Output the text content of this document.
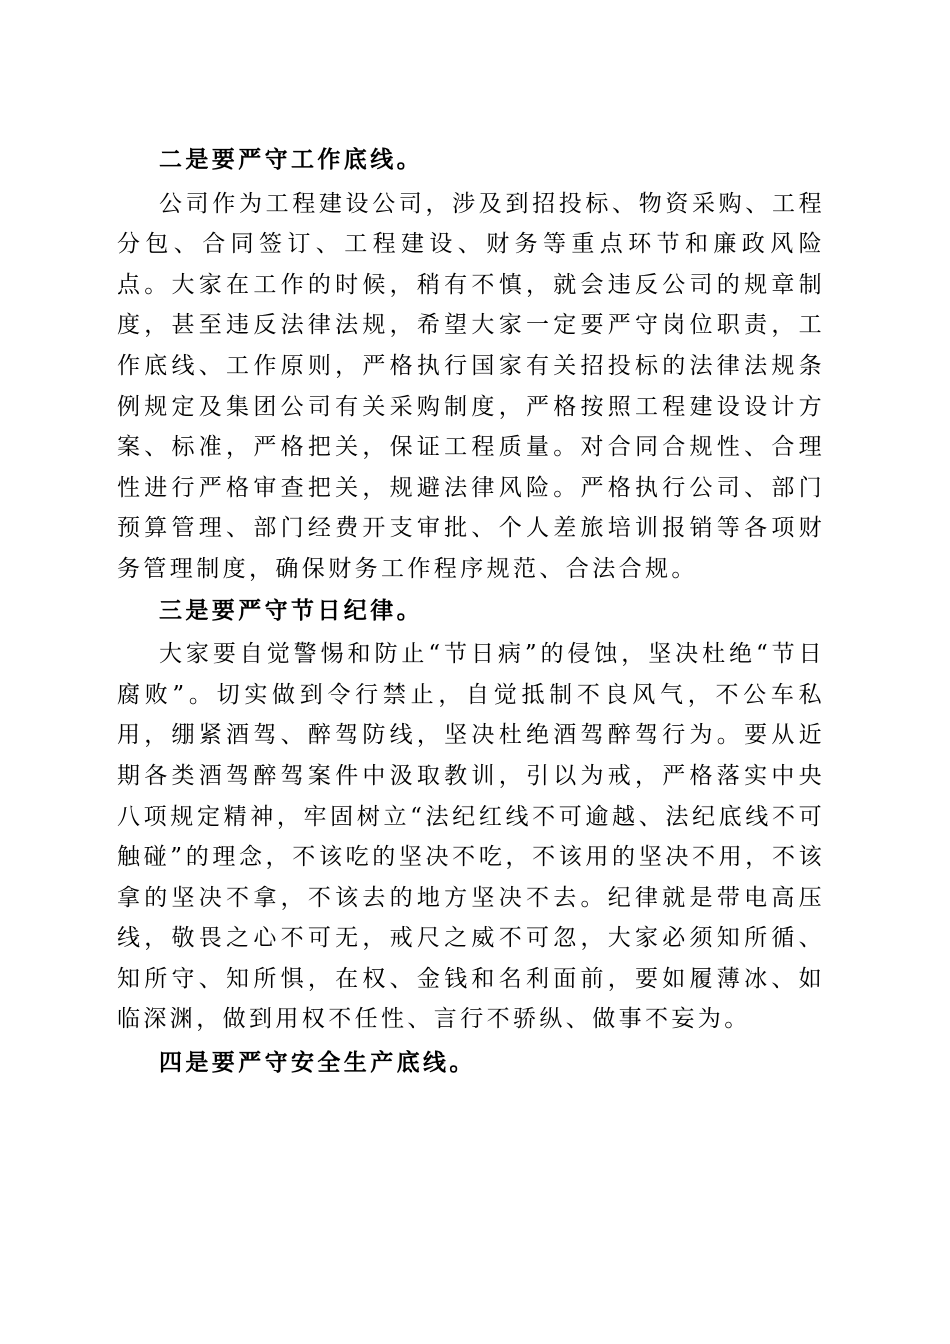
二是要严守工作底线。

公司作为工程建设公司，涉及到招投标、物资采购、工程分包、合同签订、工程建设、财务等重点环节和廉政风险点。大家在工作的时候，稍有不慎，就会违反公司的规章制度，甚至违反法律法规，希望大家一定要严守岗位职责，工作底线、工作原则，严格执行国家有关招投标的法律法规条例规定及集团公司有关采购制度，严格按照工程建设设计方案、标准，严格把关，保证工程质量。对合同合规性、合理性进行严格审查把关，规避法律风险。严格执行公司、部门预算管理、部门经费开支审批、个人差旅培训报销等各项财务管理制度，确保财务工作程序规范、合法合规。

三是要严守节日纪律。

大家要自觉警惕和防止“节日病”的侵蚀，坚决杜绝“节日腐败”。切实做到令行禁止，自觉抵制不良风气，不公车私用，绷紧酒驾、醉驾防线，坚决杜绝酒驾醉驾行为。要从近期各类酒驾醉驾案件中汲取教训，引以为戒，严格落实中央八项规定精神，牢固树立“法纪红线不可逾越、法纪底线不可触碰”的理念，不该吃的坚决不吃，不该用的坚决不用，不该拿的坚决不拿，不该去的地方坚决不去。纪律就是带电高压线，敬畏之心不可无，戒尺之威不可忽，大家必须知所循、知所守、知所惧，在权、金钱和名利面前，要如履薄冰、如临深渊，做到用权不任性、言行不骄纵、做事不妄为。

四是要严守安全生产底线。
